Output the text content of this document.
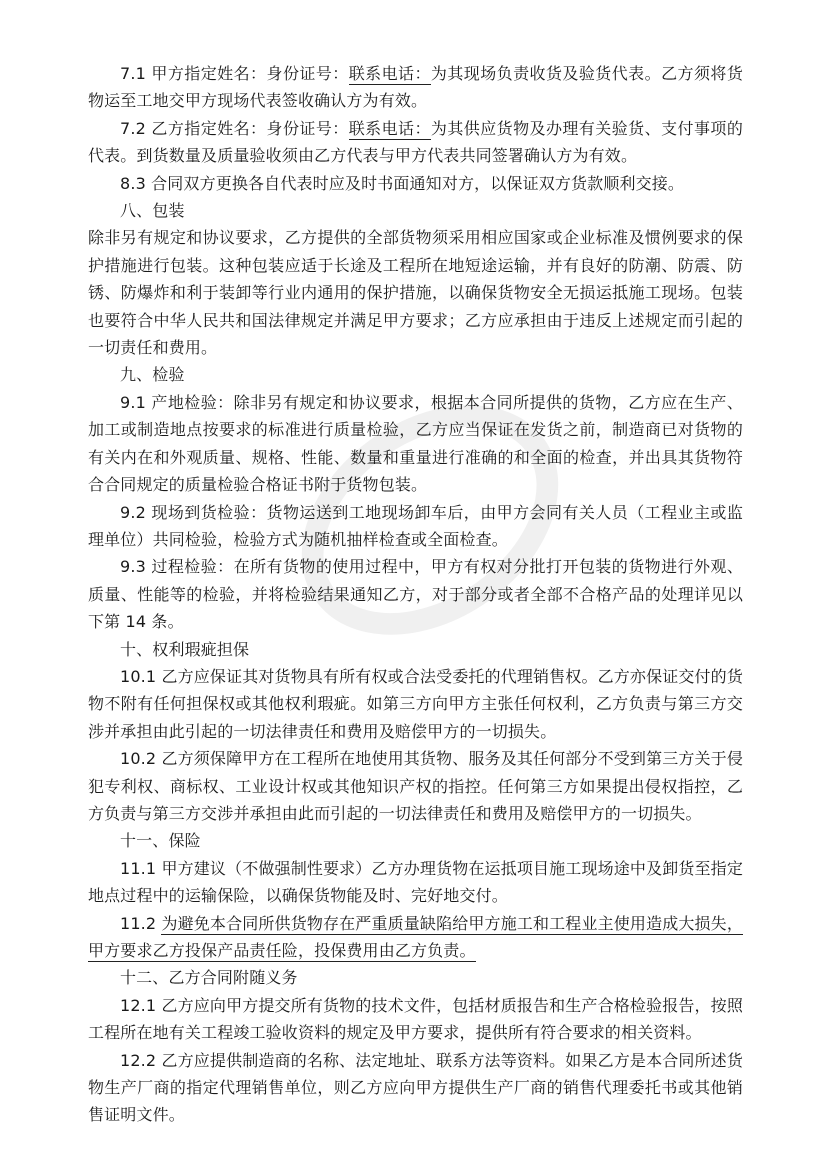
7.1 甲方指定姓名：身份证号：联系电话：为其现场负责收货及验货代表。乙方须将货物运至工地交甲方现场代表签收确认方为有效。

7.2 乙方指定姓名：身份证号：联系电话：为其供应货物及办理有关验货、支付事项的代表。到货数量及质量验收须由乙方代表与甲方代表共同签署确认方为有效。

8.3 合同双方更换各自代表时应及时书面通知对方，以保证双方货款顺利交接。

八、包装

除非另有规定和协议要求，乙方提供的全部货物须采用相应国家或企业标准及惯例要求的保护措施进行包装。这种包装应适于长途及工程所在地短途运输，并有良好的防潮、防震、防锈、防爆炸和利于装卸等行业内通用的保护措施，以确保货物安全无损运抵施工现场。包装也要符合中华人民共和国法律规定并满足甲方要求；乙方应承担由于违反上述规定而引起的一切责任和费用。

九、检验

9.1 产地检验：除非另有规定和协议要求，根据本合同所提供的货物，乙方应在生产、加工或制造地点按要求的标准进行质量检验，乙方应当保证在发货之前，制造商已对货物的有关内在和外观质量、规格、性能、数量和重量进行准确的和全面的检查，并出具其货物符合合同规定的质量检验合格证书附于货物包装。

9.2 现场到货检验：货物运送到工地现场卸车后，由甲方会同有关人员（工程业主或监理单位）共同检验，检验方式为随机抽样检查或全面检查。

9.3 过程检验：在所有货物的使用过程中，甲方有权对分批打开包装的货物进行外观、质量、性能等的检验，并将检验结果通知乙方，对于部分或者全部不合格产品的处理详见以下第 14 条。

十、权利瑕疵担保

10.1 乙方应保证其对货物具有所有权或合法受委托的代理销售权。乙方亦保证交付的货物不附有任何担保权或其他权利瑕疵。如第三方向甲方主张任何权利，乙方负责与第三方交涉并承担由此引起的一切法律责任和费用及赔偿甲方的一切损失。

10.2 乙方须保障甲方在工程所在地使用其货物、服务及其任何部分不受到第三方关于侵犯专利权、商标权、工业设计权或其他知识产权的指控。任何第三方如果提出侵权指控，乙方负责与第三方交涉并承担由此而引起的一切法律责任和费用及赔偿甲方的一切损失。

十一、保险

11.1 甲方建议（不做强制性要求）乙方办理货物在运抵项目施工现场途中及卸货至指定地点过程中的运输保险，以确保货物能及时、完好地交付。

11.2 为避免本合同所供货物存在严重质量缺陷给甲方施工和工程业主使用造成大损失，甲方要求乙方投保产品责任险，投保费用由乙方负责。

十二、乙方合同附随义务

12.1 乙方应向甲方提交所有货物的技术文件，包括材质报告和生产合格检验报告，按照工程所在地有关工程竣工验收资料的规定及甲方要求，提供所有符合要求的相关资料。

12.2 乙方应提供制造商的名称、法定地址、联系方法等资料。如果乙方是本合同所述货物生产厂商的指定代理销售单位，则乙方应向甲方提供生产厂商的销售代理委托书或其他销售证明文件。
